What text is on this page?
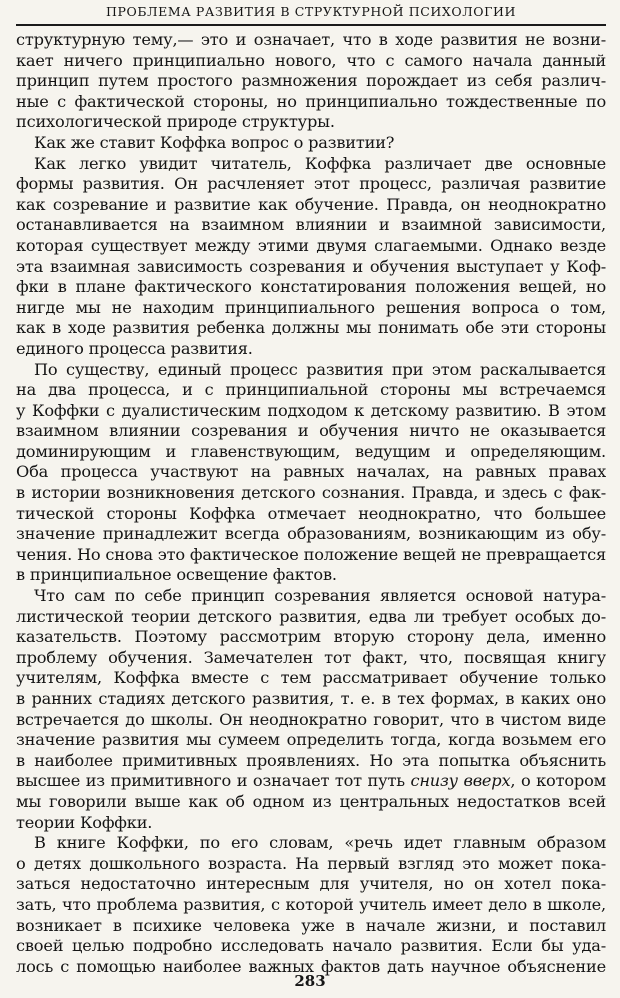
ПРОБЛЕМА РАЗВИТИЯ В СТРУКТУРНОЙ ПСИХОЛОГИИ

структурную тему,— это и означает, что в ходе развития не возни-
кает ничего принципиально нового, что с самого начала данный
принцип путем простого размножения порождает из себя различ-
ные с фактической стороны, но принципиально тождественные по
психологической природе структуры.

Как же ставит Коффка вопрос о развитии?

Как легко увидит читатель, Коффка различает две основные
формы развития. Он расчленяет этот процесс, различая развитие
как созревание и развитие как обучение. Правда, он неоднократно
останавливается на взаимном влиянии и взаимной зависимости,
которая существует между этими двумя слагаемыми. Однако везде
эта взаимная зависимость созревания и обучения выступает у Коф-
фки в плане фактического констатирования положения вещей, но
нигде мы не находим принципиального решения вопроса о том,
как в ходе развития ребенка должны мы понимать обе эти стороны
единого процесса развития.

По существу, единый процесс развития при этом раскалывается
на два процесса, и с принципиальной стороны мы встречаемся
у Коффки с дуалистическим подходом к детскому развитию. В этом
взаимном влиянии созревания и обучения ничто не оказывается
доминирующим и главенствующим, ведущим и определяющим.
Оба процесса участвуют на равных началах, на равных правах
в истории возникновения детского сознания. Правда, и здесь с фак-
тической стороны Коффка отмечает неоднократно, что большее
значение принадлежит всегда образованиям, возникающим из обу-
чения. Но снова это фактическое положение вещей не превращается
в принципиальное освещение фактов.

Что сам по себе принцип созревания является основой натура-
листической теории детского развития, едва ли требует особых до-
казательств. Поэтому рассмотрим вторую сторону дела, именно
проблему обучения. Замечателен тот факт, что, посвящая книгу
учителям, Коффка вместе с тем рассматривает обучение только
в ранних стадиях детского развития, т. е. в тех формах, в каких оно
встречается до школы. Он неоднократно говорит, что в чистом виде
значение развития мы сумеем определить тогда, когда возьмем его
в наиболее примитивных проявлениях. Но эта попытка объяснить
высшее из примитивного и означает тот путь снизу вверх, о котором
мы говорили выше как об одном из центральных недостатков всей
теории Коффки.

В книге Коффки, по его словам, «речь идет главным образом
о детях дошкольного возраста. На первый взгляд это может пока-
заться недостаточно интересным для учителя, но он хотел пока-
зать, что проблема развития, с которой учитель имеет дело в школе,
возникает в психике человека уже в начале жизни, и поставил
своей целью подробно исследовать начало развития. Если бы уда-
лось с помощью наиболее важных фактов дать научное объяснение

283
